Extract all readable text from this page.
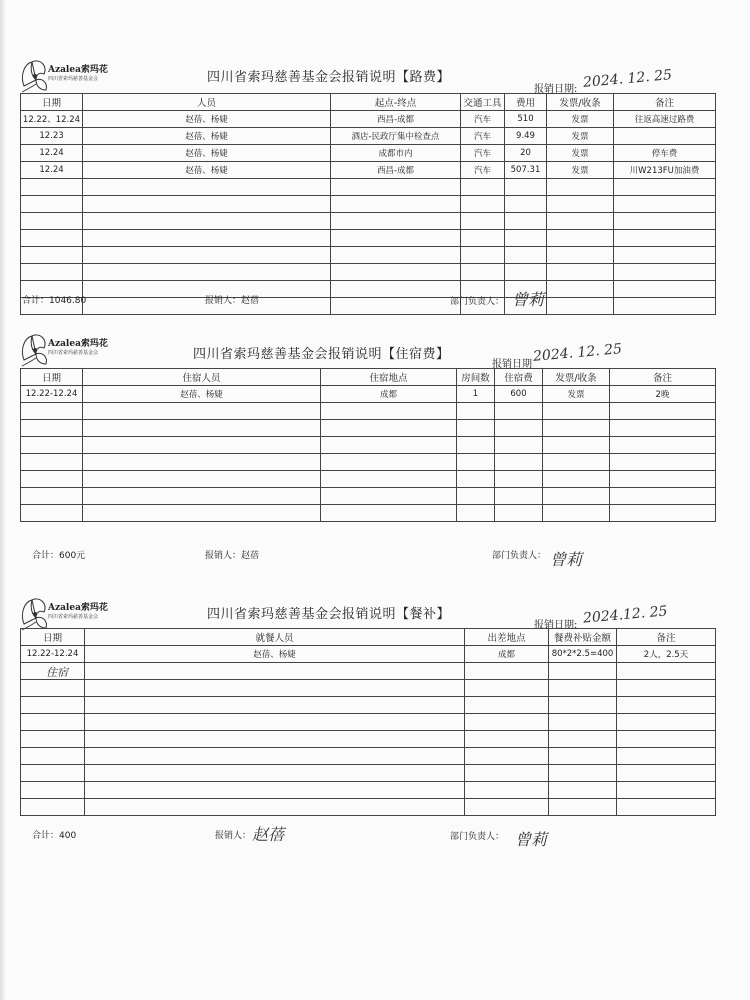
Azalea索玛花
四川省索玛慈善基金会	四川省索玛慈善基金会报销说明【路费】
报销日期: 2024. 12. 25
日期	人员	起点-终点	交通工具	费用	发票/收条	备注
12.22、12.24	赵蓓、杨婕	西昌-成都	汽车	510	发票	往返高速过路费
12.23	赵蓓、杨婕	酒店-民政厅集中检查点	汽车	9.49	发票	
12.24	赵蓓、杨婕	成都市内	汽车	20	发票	停车费
12.24	赵蓓、杨婕	西昌-成都	汽车	507.31	发票	川W213FU加油费

合计：1046.80	报销人：赵蓓	部门负责人： 曾莉
Azalea索玛花
四川省索玛慈善基金会	四川省索玛慈善基金会报销说明【住宿费】
报销日期 2024. 12. 25
日期	住宿人员	住宿地点	房间数	住宿费	发票/收条	备注
12.22-12.24	赵蓓、杨婕	成都	1	600	发票	2晚

合计：600元	报销人：赵蓓	部门负责人： 曾莉
Azalea索玛花
四川省索玛慈善基金会	四川省索玛慈善基金会报销说明【餐补】
报销日期: 2024.12. 25
日期	就餐人员	出差地点	餐费补贴金额	备注
12.22-12.24	赵蓓、杨婕	成都	80*2*2.5=400	2人，2.5天

住宿
合计：400	报销人： 赵蓓	部门负责人： 曾莉
